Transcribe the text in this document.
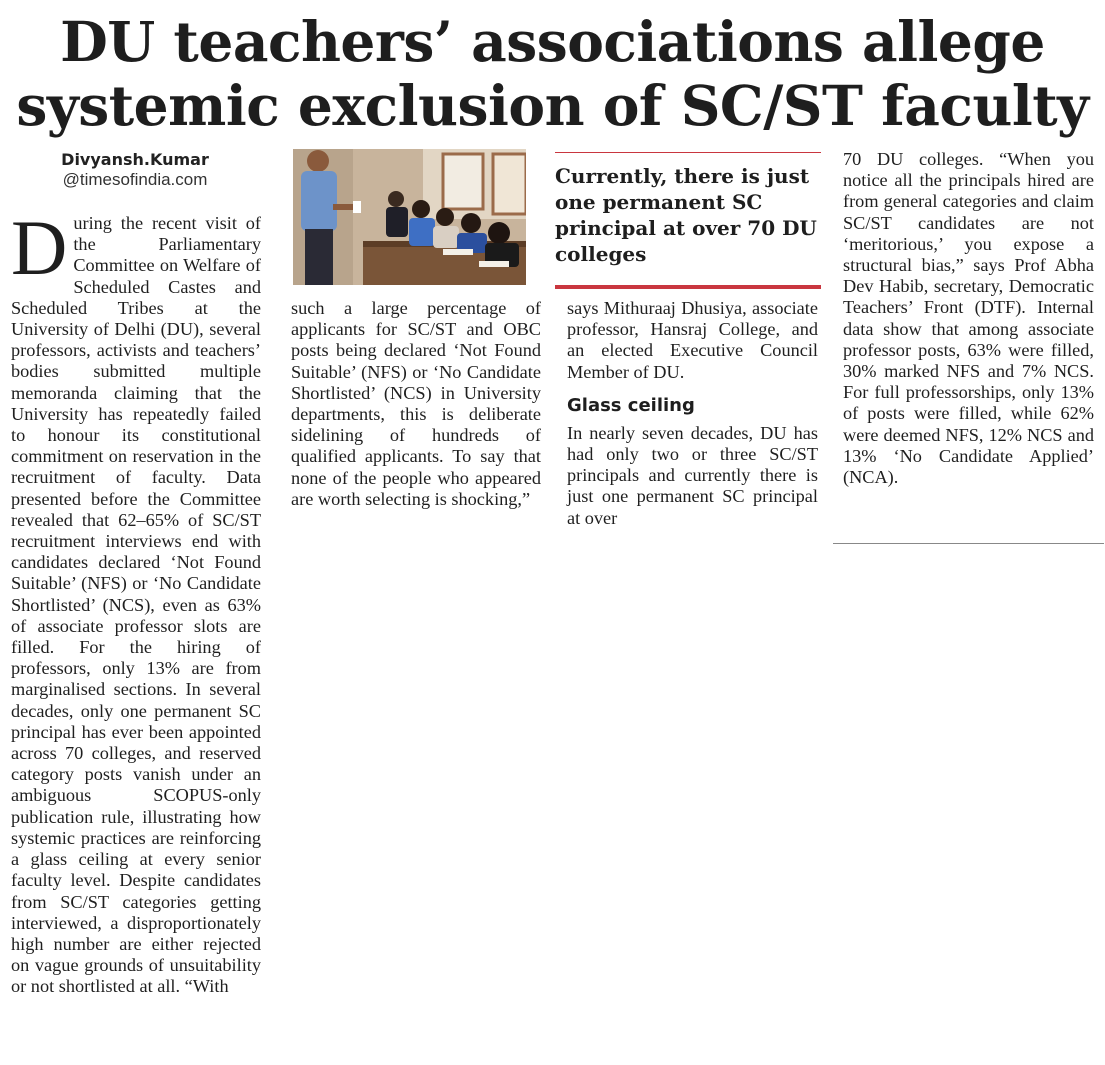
DU teachers’ associations allege systemic exclusion of SC/ST faculty
Divyansh.Kumar
@timesofindia.com	Currently, there is just one permanent SC principal at over 70 DU colleges

D uring the recent visit of the Parliamentary Committee on Welfare of Scheduled Castes and Scheduled Tribes at the University of Delhi (DU), several professors, activists and teachers’ bodies submitted multiple memoranda claiming that the University has repeatedly failed to honour its constitutional commitment on reservation in the recruitment of faculty. Data presented before the Committee revealed that 62–65% of SC/ST recruitment interviews end with candidates declared ‘Not Found Suitable’ (NFS) or ‘No Candidate Shortlisted’ (NCS), even as 63% of associate professor slots are filled. For the hiring of professors, only 13% are from marginalised sections. In several decades, only one permanent SC principal has ever been appointed across 70 colleges, and reserved category posts vanish under an ambiguous SCOPUS-only publication rule, illustrating how systemic practices are reinforcing a glass ceiling at every senior faculty level. Despite candidates from SC/ST categories getting interviewed, a disproportionately high number are either rejected on vague grounds of unsuitability or not shortlisted at all. “With

such a large percentage of applicants for SC/ST and OBC posts being declared ‘Not Found Suitable’ (NFS) or ‘No Candidate Shortlisted’ (NCS) in University departments, this is deliberate sidelining of hundreds of qualified applicants. To say that none of the people who appeared are worth selecting is shocking,”

says Mithuraaj Dhusiya, associate professor, Hansraj College, and an elected Executive Council Member of DU.

Glass ceiling

In nearly seven decades, DU has had only two or three SC/ST principals and currently there is just one permanent SC principal at over

70 DU colleges. “When you notice all the principals hired are from general categories and claim SC/ST candidates are not ‘meritorious,’ you expose a structural bias,” says Prof Abha Dev Habib, secretary, Democratic Teachers’ Front (DTF). Internal data show that among associate professor posts, 63% were filled, 30% marked NFS and 7% NCS. For full professorships, only 13% of posts were filled, while 62% were deemed NFS, 12% NCS and 13% ‘No Candidate Applied’ (NCA).
